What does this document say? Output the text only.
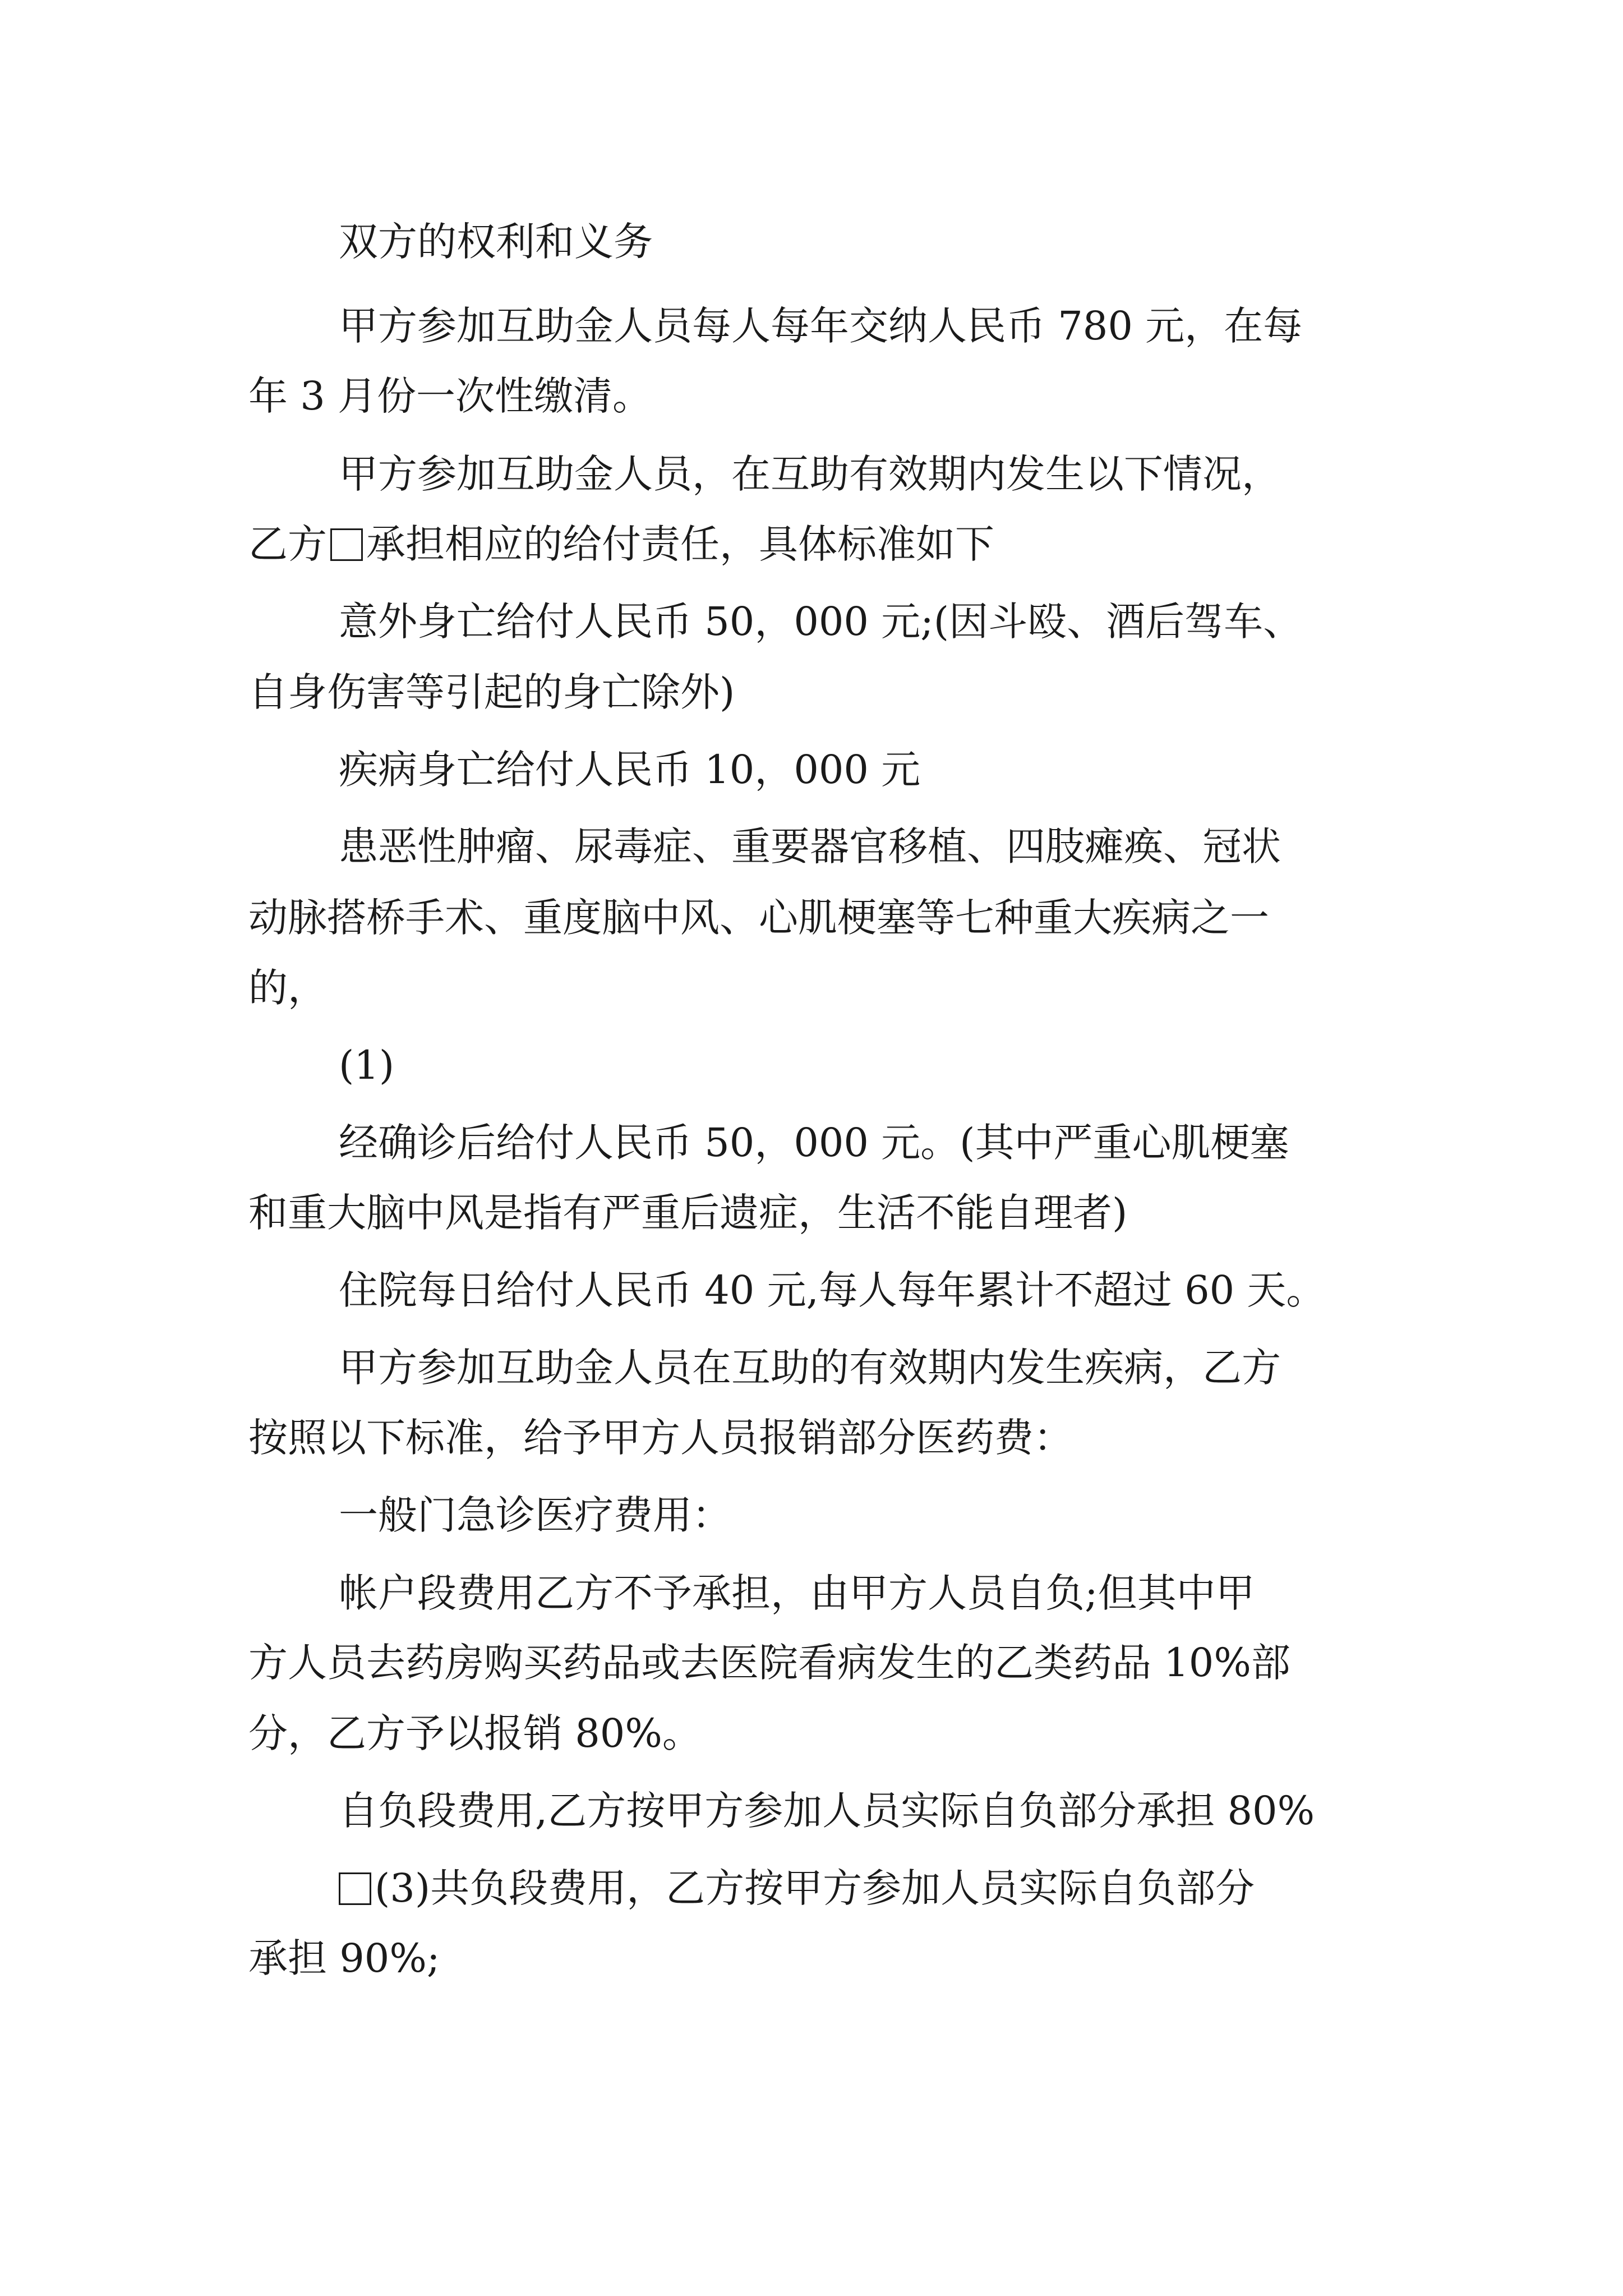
双方的权利和义务

甲方参加互助金人员每人每年交纳人民币 780 元，在每

年 3 月份一次性缴清。

甲方参加互助金人员，在互助有效期内发生以下情况，

乙方 承担相应的给付责任，具体标准如下

意外身亡给付人民币 50，000 元;(因斗殴、酒后驾车、

自身伤害等引起的身亡除外)

疾病身亡给付人民币 10，000 元

患恶性肿瘤、尿毒症、重要器官移植、四肢瘫痪、冠状

动脉搭桥手术、重度脑中风、心肌梗塞等七种重大疾病之一

的，

(1)

经确诊后给付人民币 50，000 元。(其中严重心肌梗塞

和重大脑中风是指有严重后遗症，生活不能自理者)

住院每日给付人民币 40 元,每人每年累计不超过 60 天。

甲方参加互助金人员在互助的有效期内发生疾病，乙方

按照以下标准，给予甲方人员报销部分医药费：

一般门急诊医疗费用：

帐户段费用乙方不予承担，由甲方人员自负;但其中甲

方人员去药房购买药品或去医院看病发生的乙类药品 10%部

分，乙方予以报销 80%。

自负段费用,乙方按甲方参加人员实际自负部分承担 80%

(3)共负段费用，乙方按甲方参加人员实际自负部分

承担 90%;
